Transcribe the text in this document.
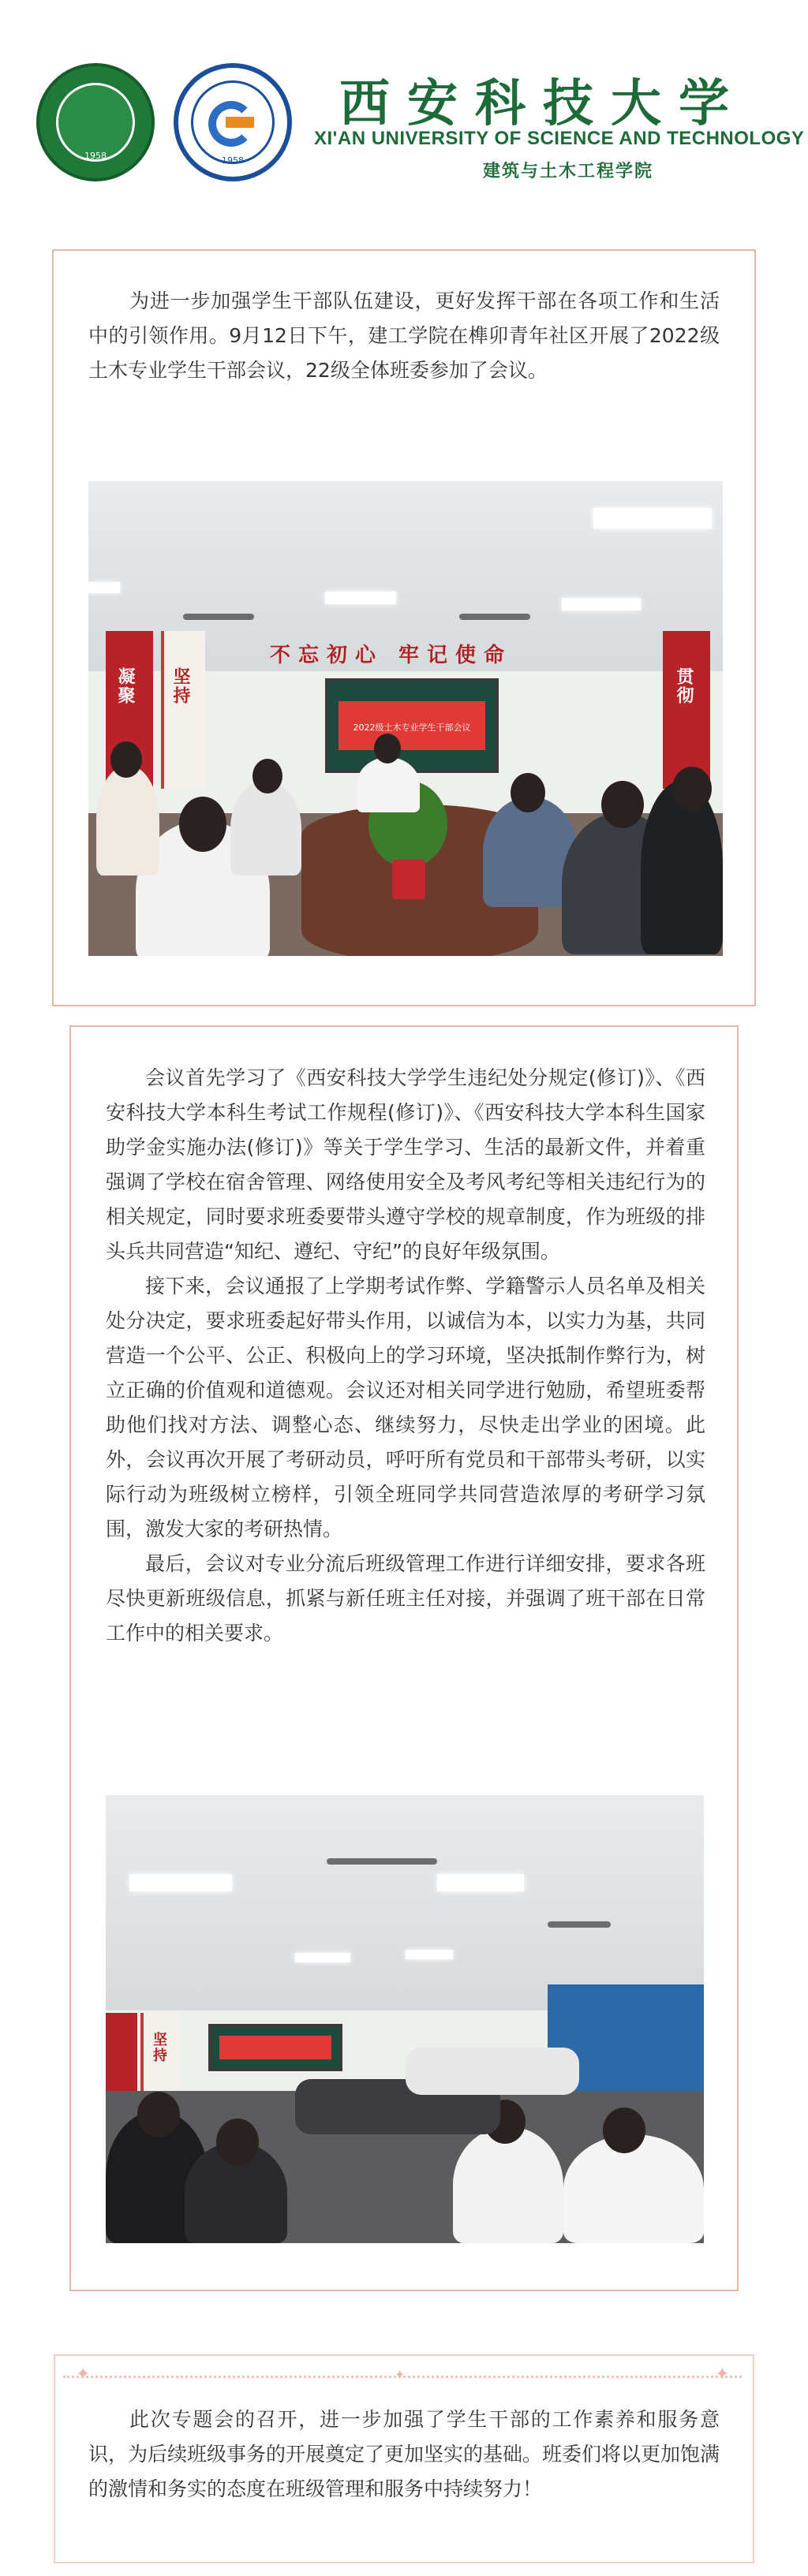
1958	1958
西安科技大学
XI'AN UNIVERSITY OF SCIENCE AND TECHNOLOGY
建筑与土木工程学院

为进一步加强学生干部队伍建设，更好发挥干部在各项工作和生活中的引领作用。9月12日下午，建工学院在榫卯青年社区开展了2022级土木专业学生干部会议，22级全体班委参加了会议。

不忘初心 牢记使命
凝聚 坚持	贯彻
2022级土木专业学生干部会议

会议首先学习了《西安科技大学学生违纪处分规定(修订)》、《西安科技大学本科生考试工作规程(修订)》、《西安科技大学本科生国家助学金实施办法(修订)》等关于学生学习、生活的最新文件，并着重强调了学校在宿舍管理、网络使用安全及考风考纪等相关违纪行为的相关规定，同时要求班委要带头遵守学校的规章制度，作为班级的排头兵共同营造“知纪、遵纪、守纪”的良好年级氛围。

接下来，会议通报了上学期考试作弊、学籍警示人员名单及相关处分决定，要求班委起好带头作用，以诚信为本，以实力为基，共同营造一个公平、公正、积极向上的学习环境，坚决抵制作弊行为，树立正确的价值观和道德观。会议还对相关同学进行勉励，希望班委帮助他们找对方法、调整心态、继续努力，尽快走出学业的困境。此外，会议再次开展了考研动员，呼吁所有党员和干部带头考研，以实际行动为班级树立榜样，引领全班同学共同营造浓厚的考研学习氛围，激发大家的考研热情。

最后，会议对专业分流后班级管理工作进行详细安排，要求各班尽快更新班级信息，抓紧与新任班主任对接，并强调了班干部在日常工作中的相关要求。

坚持
✦	✦
✦

此次专题会的召开，进一步加强了学生干部的工作素养和服务意识，为后续班级事务的开展奠定了更加坚实的基础。班委们将以更加饱满的激情和务实的态度在班级管理和服务中持续努力！
